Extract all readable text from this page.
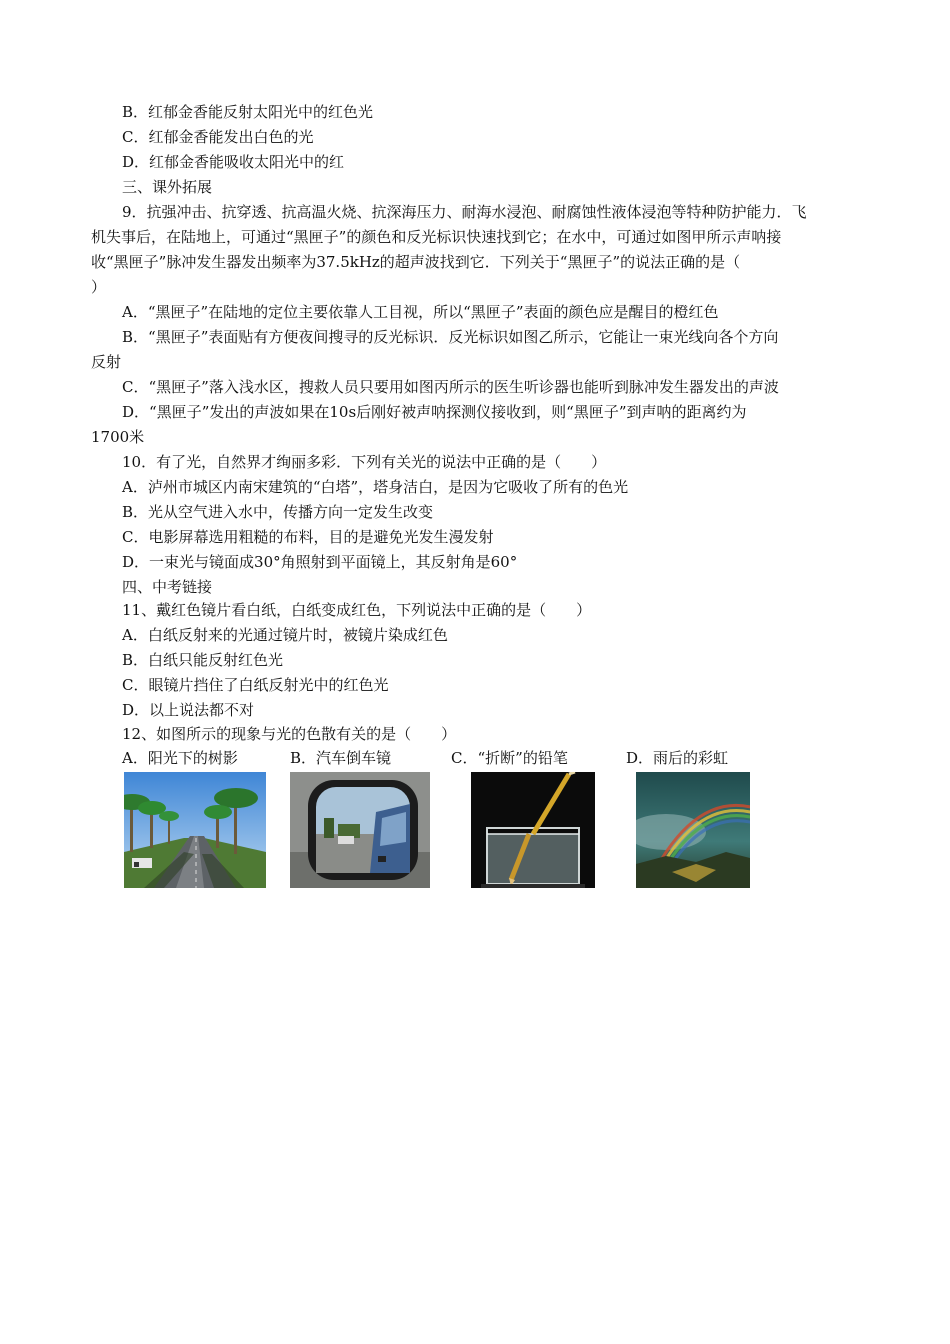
B．红郁金香能反射太阳光中的红色光
C．红郁金香能发出白色的光
D．红郁金香能吸收太阳光中的红
三、课外拓展
9．抗强冲击、抗穿透、抗高温火烧、抗深海压力、耐海水浸泡、耐腐蚀性液体浸泡等特种防护能力．飞
机失事后，在陆地上，可通过“黑匣子”的颜色和反光标识快速找到它；在水中，可通过如图甲所示声呐接
收“黑匣子”脉冲发生器发出频率为37.5kHz的超声波找到它．下列关于“黑匣子”的说法正确的是（
）
A．“黑匣子”在陆地的定位主要依靠人工目视，所以“黑匣子”表面的颜色应是醒目的橙红色
B．“黑匣子”表面贴有方便夜间搜寻的反光标识．反光标识如图乙所示，它能让一束光线向各个方向
反射
C．“黑匣子”落入浅水区，搜救人员只要用如图丙所示的医生听诊器也能听到脉冲发生器发出的声波
D．“黑匣子”发出的声波如果在10s后刚好被声呐探测仪接收到，则“黑匣子”到声呐的距离约为
1700米
10．有了光，自然界才绚丽多彩．下列有关光的说法中正确的是（　　）
A．泸州市城区内南宋建筑的“白塔”，塔身洁白，是因为它吸收了所有的色光
B．光从空气进入水中，传播方向一定发生改变
C．电影屏幕选用粗糙的布料，目的是避免光发生漫发射
D．一束光与镜面成30°角照射到平面镜上，其反射角是60°
四、中考链接
11、戴红色镜片看白纸，白纸变成红色，下列说法中正确的是（　　）
A．白纸反射来的光通过镜片时，被镜片染成红色
B．白纸只能反射红色光
C．眼镜片挡住了白纸反射光中的红色光
D．以上说法都不对
12、如图所示的现象与光的色散有关的是（　　）
A．阳光下的树影	B．汽车倒车镜	C．“折断”的铅笔	D．雨后的彩虹
